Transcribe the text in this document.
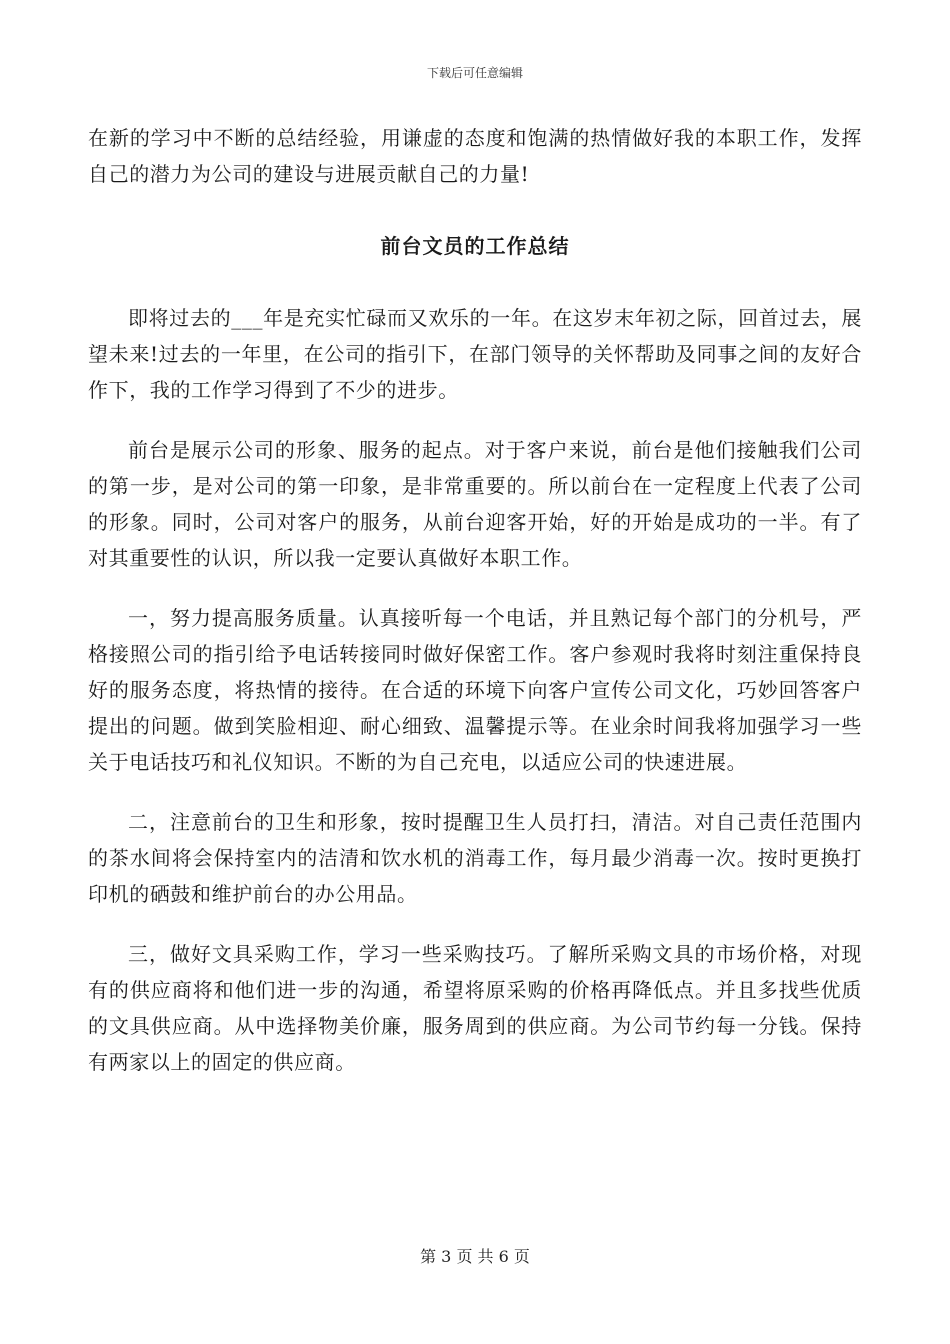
下载后可任意编辑

在新的学习中不断的总结经验，用谦虚的态度和饱满的热情做好我的本职工作，发挥自己的潜力为公司的建设与进展贡献自己的力量!

前台文员的工作总结

即将过去的___年是充实忙碌而又欢乐的一年。在这岁末年初之际，回首过去，展望未来!过去的一年里，在公司的指引下，在部门领导的关怀帮助及同事之间的友好合作下，我的工作学习得到了不少的进步。

前台是展示公司的形象、服务的起点。对于客户来说，前台是他们接触我们公司的第一步，是对公司的第一印象，是非常重要的。所以前台在一定程度上代表了公司的形象。同时，公司对客户的服务，从前台迎客开始，好的开始是成功的一半。有了对其重要性的认识，所以我一定要认真做好本职工作。

一，努力提高服务质量。认真接听每一个电话，并且熟记每个部门的分机号，严格接照公司的指引给予电话转接同时做好保密工作。客户参观时我将时刻注重保持良好的服务态度，将热情的接待。在合适的环境下向客户宣传公司文化，巧妙回答客户提出的问题。做到笑脸相迎、耐心细致、温馨提示等。在业余时间我将加强学习一些关于电话技巧和礼仪知识。不断的为自己充电，以适应公司的快速进展。

二，注意前台的卫生和形象，按时提醒卫生人员打扫，清洁。对自己责任范围内的茶水间将会保持室内的洁清和饮水机的消毒工作，每月最少消毒一次。按时更换打印机的硒鼓和维护前台的办公用品。

三，做好文具采购工作，学习一些采购技巧。了解所采购文具的市场价格，对现有的供应商将和他们进一步的沟通，希望将原采购的价格再降低点。并且多找些优质的文具供应商。从中选择物美价廉，服务周到的供应商。为公司节约每一分钱。保持有两家以上的固定的供应商。

第 3 页 共 6 页
